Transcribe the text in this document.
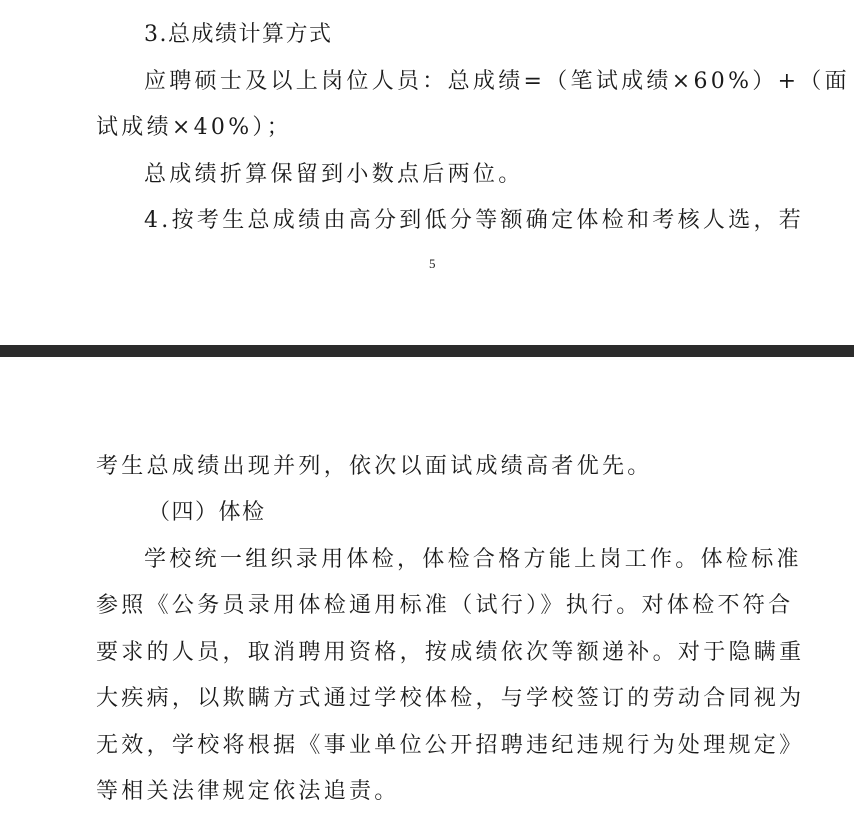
3.总成绩计算方式

应聘硕士及以上岗位人员：总成绩=（笔试成绩×60%）+（面

试成绩×40%）；

总成绩折算保留到小数点后两位。

4.按考生总成绩由高分到低分等额确定体检和考核人选，若

5

考生总成绩出现并列，依次以面试成绩高者优先。

（四）体检

学校统一组织录用体检，体检合格方能上岗工作。体检标准

参照《公务员录用体检通用标准（试行）》执行。对体检不符合

要求的人员，取消聘用资格，按成绩依次等额递补。对于隐瞒重

大疾病，以欺瞒方式通过学校体检，与学校签订的劳动合同视为

无效，学校将根据《事业单位公开招聘违纪违规行为处理规定》

等相关法律规定依法追责。
